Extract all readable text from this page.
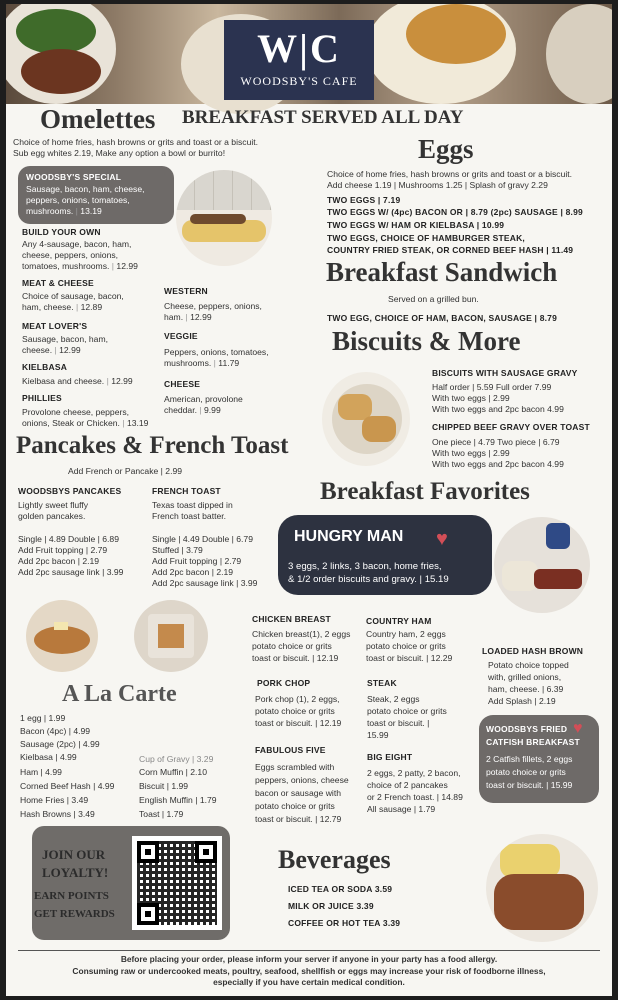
W|C
WOODSBY'S CAFE
Omelettes BREAKFAST SERVED ALL DAY
Choice of home fries, hash browns or grits and toast or a biscuit.
Sub egg whites 2.19, Make any option a bowl or burrito!
WOODSBY'S SPECIAL
Sausage, bacon, ham, cheese,
peppers, onions, tomatoes,
mushrooms. | 13.19
BUILD YOUR OWN
Any 4-sausage, bacon, ham,
cheese, peppers, onions,
tomatoes, mushrooms. | 12.99
MEAT & CHEESE
Choice of sausage, bacon,
ham, cheese. | 12.89
MEAT LOVER'S
Sausage, bacon, ham,
cheese. | 12.99
KIELBASA
Kielbasa and cheese. | 12.99
PHILLIES
Provolone cheese, peppers,
onions, Steak or Chicken. | 13.19
WESTERN
Cheese, peppers, onions,
ham. | 12.99
VEGGIE
Peppers, onions, tomatoes,
mushrooms. | 11.79
CHEESE
American, provolone
cheddar. | 9.99
Eggs
Choice of home fries, hash browns or grits and toast or a biscuit.
Add cheese 1.19 | Mushrooms 1.25 | Splash of gravy 2.29
TWO EGGS | 7.19
TWO EGGS W/ (4pc) BACON OR | 8.79 (2pc) SAUSAGE | 8.99
TWO EGGS W/ HAM OR KIELBASA | 10.99
TWO EGGS, CHOICE OF HAMBURGER STEAK,
COUNTRY FRIED STEAK, OR CORNED BEEF HASH | 11.49
Breakfast Sandwich
Served on a grilled bun.
TWO EGG, CHOICE OF HAM, BACON, SAUSAGE | 8.79
Biscuits & More
BISCUITS WITH SAUSAGE GRAVY
Half order | 5.59 Full order 7.99
With two eggs | 2.99
With two eggs and 2pc bacon 4.99
CHIPPED BEEF GRAVY OVER TOAST
One piece | 4.79 Two piece | 6.79
With two eggs | 2.99
With two eggs and 2pc bacon 4.99
Pancakes & French Toast
Add French or Pancake | 2.99
WOODSBYS PANCAKES
Lightly sweet fluffy
golden pancakes.
Single | 4.89 Double | 6.89
Add Fruit topping | 2.79
Add 2pc bacon | 2.19
Add 2pc sausage link | 3.99
FRENCH TOAST
Texas toast dipped in
French toast batter.
Single | 4.49 Double | 6.79
Stuffed | 3.79
Add Fruit topping | 2.79
Add 2pc bacon | 2.19
Add 2pc sausage link | 3.99
Breakfast Favorites
HUNGRY MAN ♥
3 eggs, 2 links, 3 bacon, home fries,
& 1/2 order biscuits and gravy. | 15.19
CHICKEN BREAST
Chicken breast(1), 2 eggs
potato choice or grits
toast or biscuit. | 12.19
COUNTRY HAM
Country ham, 2 eggs
potato choice or grits
toast or biscuit. | 12.29
LOADED HASH BROWN
Potato choice topped
with, grilled onions,
ham, cheese. | 6.39
Add Splash | 2.19
PORK CHOP
Pork chop (1), 2 eggs,
potato choice or grits
toast or biscuit. | 12.19
STEAK
Steak, 2 eggs
potato choice or grits
toast or biscuit. |
15.99
FABULOUS FIVE
Eggs scrambled with
peppers, onions, cheese
bacon or sausage with
potato choice or grits
toast or biscuit. | 12.79
BIG EIGHT
2 eggs, 2 patty, 2 bacon,
choice of 2 pancakes
or 2 French toast. | 14.89
All sausage | 1.79
WOODSBYS FRIED ♥
CATFISH BREAKFAST
2 Catfish fillets, 2 eggs
potato choice or grits
toast or biscuit. | 15.99
A La Carte
1 egg | 1.99
Bacon (4pc) | 4.99
Sausage (2pc) | 4.99
Kielbasa | 4.99
Ham | 4.99
Corned Beef Hash | 4.99
Home Fries | 3.49
Hash Browns | 3.49
Cup of Gravy | 3.29
Corn Muffin | 2.10
Biscuit | 1.99
English Muffin | 1.79
Toast | 1.79
JOIN OUR
LOYALTY!
EARN POINTS
GET REWARDS
Beverages
ICED TEA OR SODA 3.59
MILK OR JUICE 3.39
COFFEE OR HOT TEA 3.39
Before placing your order, please inform your server if anyone in your party has a food allergy.
Consuming raw or undercooked meats, poultry, seafood, shellfish or eggs may increase your risk of foodborne illness,
especially if you have certain medical condition.
